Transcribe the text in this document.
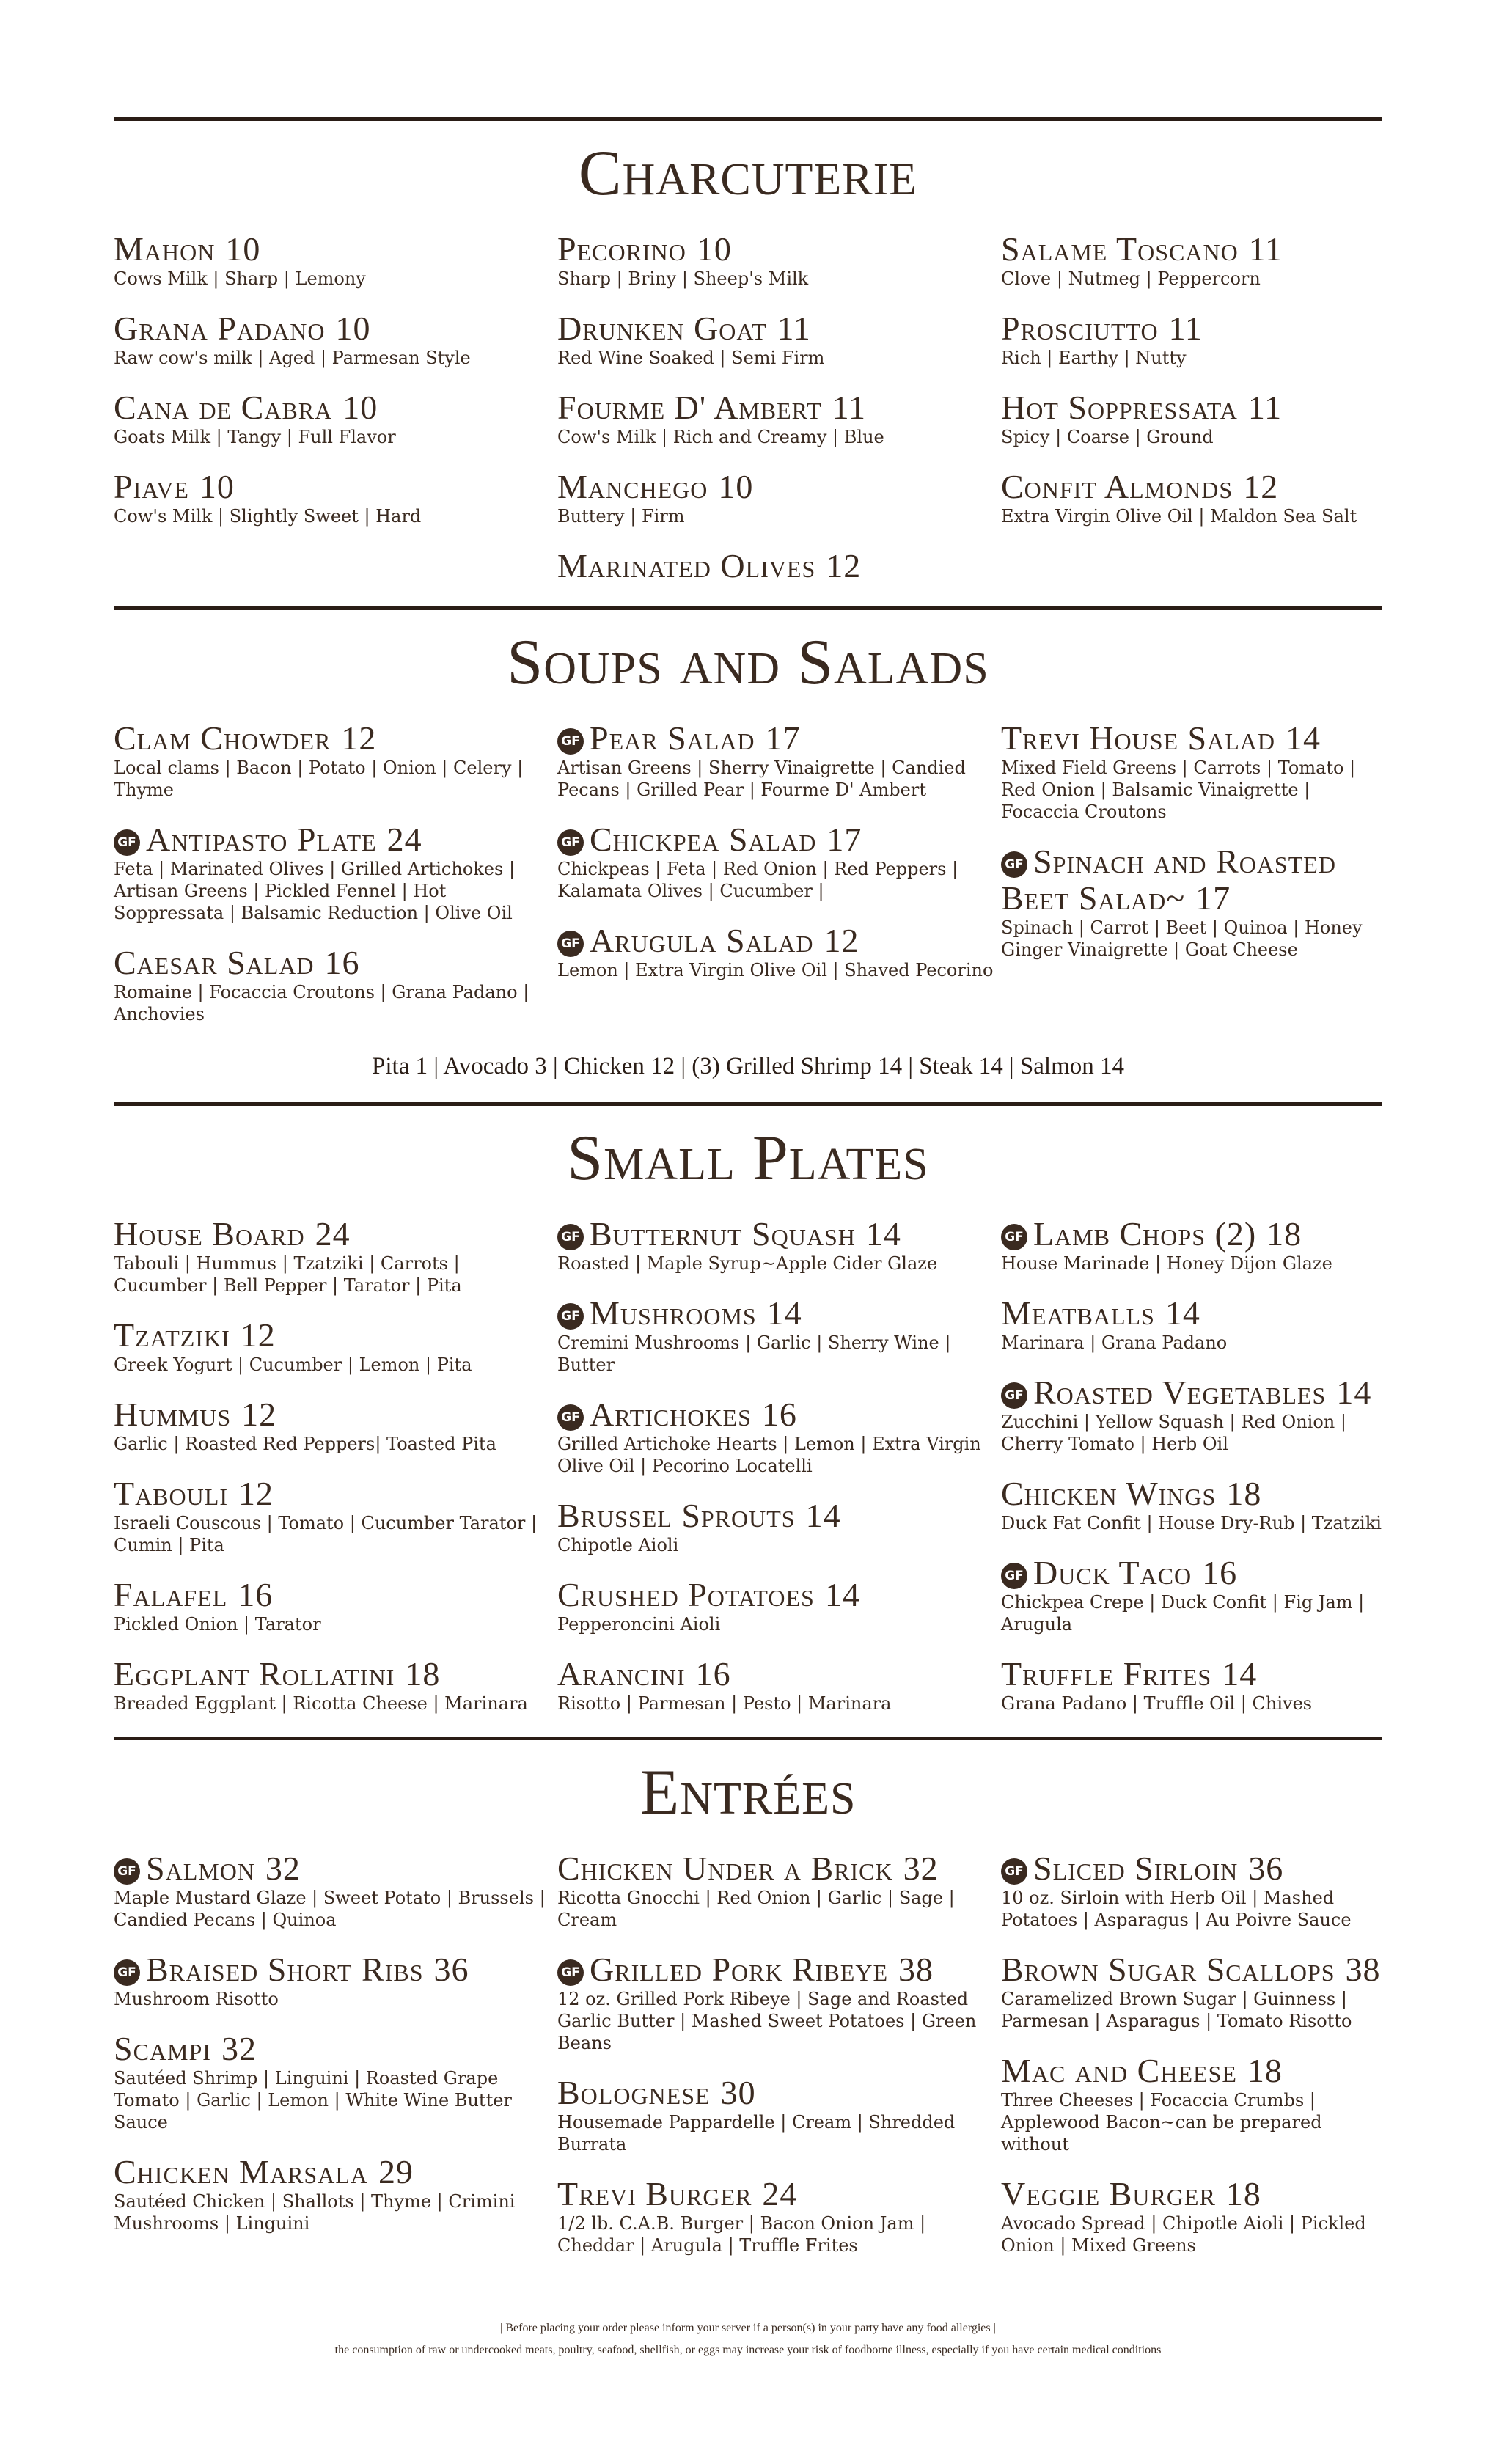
Charcuterie
Mahon 10
Cows Milk | Sharp | Lemony
Grana Padano 10
Raw cow's milk | Aged | Parmesan Style
Cana de Cabra 10
Goats Milk | Tangy | Full Flavor
Piave 10
Cow's Milk | Slightly Sweet | Hard
Pecorino 10
Sharp | Briny | Sheep's Milk
Drunken Goat 11
Red Wine Soaked | Semi Firm
Fourme D' Ambert 11
Cow's Milk | Rich and Creamy | Blue
Manchego 10
Buttery | Firm
Marinated Olives 12
Salame Toscano 11
Clove | Nutmeg | Peppercorn
Prosciutto 11
Rich | Earthy | Nutty
Hot Soppressata 11
Spicy | Coarse | Ground
Confit Almonds 12
Extra Virgin Olive Oil | Maldon Sea Salt
Soups and Salads
Clam Chowder 12
Local clams | Bacon | Potato | Onion | Celery | Thyme
GF Antipasto Plate 24
Feta | Marinated Olives | Grilled Artichokes | Artisan Greens | Pickled Fennel | Hot Soppressata | Balsamic Reduction | Olive Oil
Caesar Salad 16
Romaine | Focaccia Croutons | Grana Padano | Anchovies
GF Pear Salad 17
Artisan Greens | Sherry Vinaigrette | Candied Pecans | Grilled Pear | Fourme D' Ambert
GF Chickpea Salad 17
Chickpeas | Feta | Red Onion | Red Peppers | Kalamata Olives | Cucumber |
GF Arugula Salad 12
Lemon | Extra Virgin Olive Oil | Shaved Pecorino
Trevi House Salad 14
Mixed Field Greens | Carrots | Tomato | Red Onion | Balsamic Vinaigrette | Focaccia Croutons
GF Spinach and Roasted Beet Salad~ 17
Spinach | Carrot | Beet | Quinoa | Honey Ginger Vinaigrette | Goat Cheese
Pita 1 | Avocado 3 | Chicken 12 | (3) Grilled Shrimp 14 | Steak 14 | Salmon 14
Small Plates
House Board 24
Tabouli | Hummus | Tzatziki | Carrots | Cucumber | Bell Pepper | Tarator | Pita
Tzatziki 12
Greek Yogurt | Cucumber | Lemon | Pita
Hummus 12
Garlic | Roasted Red Peppers| Toasted Pita
Tabouli 12
Israeli Couscous | Tomato | Cucumber Tarator | Cumin | Pita
Falafel 16
Pickled Onion | Tarator
Eggplant Rollatini 18
Breaded Eggplant | Ricotta Cheese | Marinara
GF Butternut Squash 14
Roasted | Maple Syrup~Apple Cider Glaze
GF Mushrooms 14
Cremini Mushrooms | Garlic | Sherry Wine | Butter
GF Artichokes 16
Grilled Artichoke Hearts | Lemon | Extra Virgin Olive Oil | Pecorino Locatelli
Brussel Sprouts 14
Chipotle Aioli
Crushed Potatoes 14
Pepperoncini Aioli
Arancini 16
Risotto | Parmesan | Pesto | Marinara
GF Lamb Chops (2) 18
House Marinade | Honey Dijon Glaze
Meatballs 14
Marinara | Grana Padano
GF Roasted Vegetables 14
Zucchini | Yellow Squash | Red Onion | Cherry Tomato | Herb Oil
Chicken Wings 18
Duck Fat Confit | House Dry-Rub | Tzatziki
GF Duck Taco 16
Chickpea Crepe | Duck Confit | Fig Jam | Arugula
Truffle Frites 14
Grana Padano | Truffle Oil | Chives
Entrées
GF Salmon 32
Maple Mustard Glaze | Sweet Potato | Brussels | Candied Pecans | Quinoa
GF Braised Short Ribs 36
Mushroom Risotto
Scampi 32
Sautéed Shrimp | Linguini | Roasted Grape Tomato | Garlic | Lemon | White Wine Butter Sauce
Chicken Marsala 29
Sautéed Chicken | Shallots | Thyme | Crimini Mushrooms | Linguini
Chicken Under a Brick 32
Ricotta Gnocchi | Red Onion | Garlic | Sage | Cream
GF Grilled Pork Ribeye 38
12 oz. Grilled Pork Ribeye | Sage and Roasted Garlic Butter | Mashed Sweet Potatoes | Green Beans
Bolognese 30
Housemade Pappardelle | Cream | Shredded Burrata
Trevi Burger 24
1/2 lb. C.A.B. Burger | Bacon Onion Jam | Cheddar | Arugula | Truffle Frites
GF Sliced Sirloin 36
10 oz. Sirloin with Herb Oil | Mashed Potatoes | Asparagus | Au Poivre Sauce
Brown Sugar Scallops 38
Caramelized Brown Sugar | Guinness | Parmesan | Asparagus | Tomato Risotto
Mac and Cheese 18
Three Cheeses | Focaccia Crumbs | Applewood Bacon~can be prepared without
Veggie Burger 18
Avocado Spread | Chipotle Aioli | Pickled Onion | Mixed Greens
| Before placing your order please inform your server if a person(s) in your party have any food allergies |
the consumption of raw or undercooked meats, poultry, seafood, shellfish, or eggs may increase your risk of foodborne illness, especially if you have certain medical conditions
